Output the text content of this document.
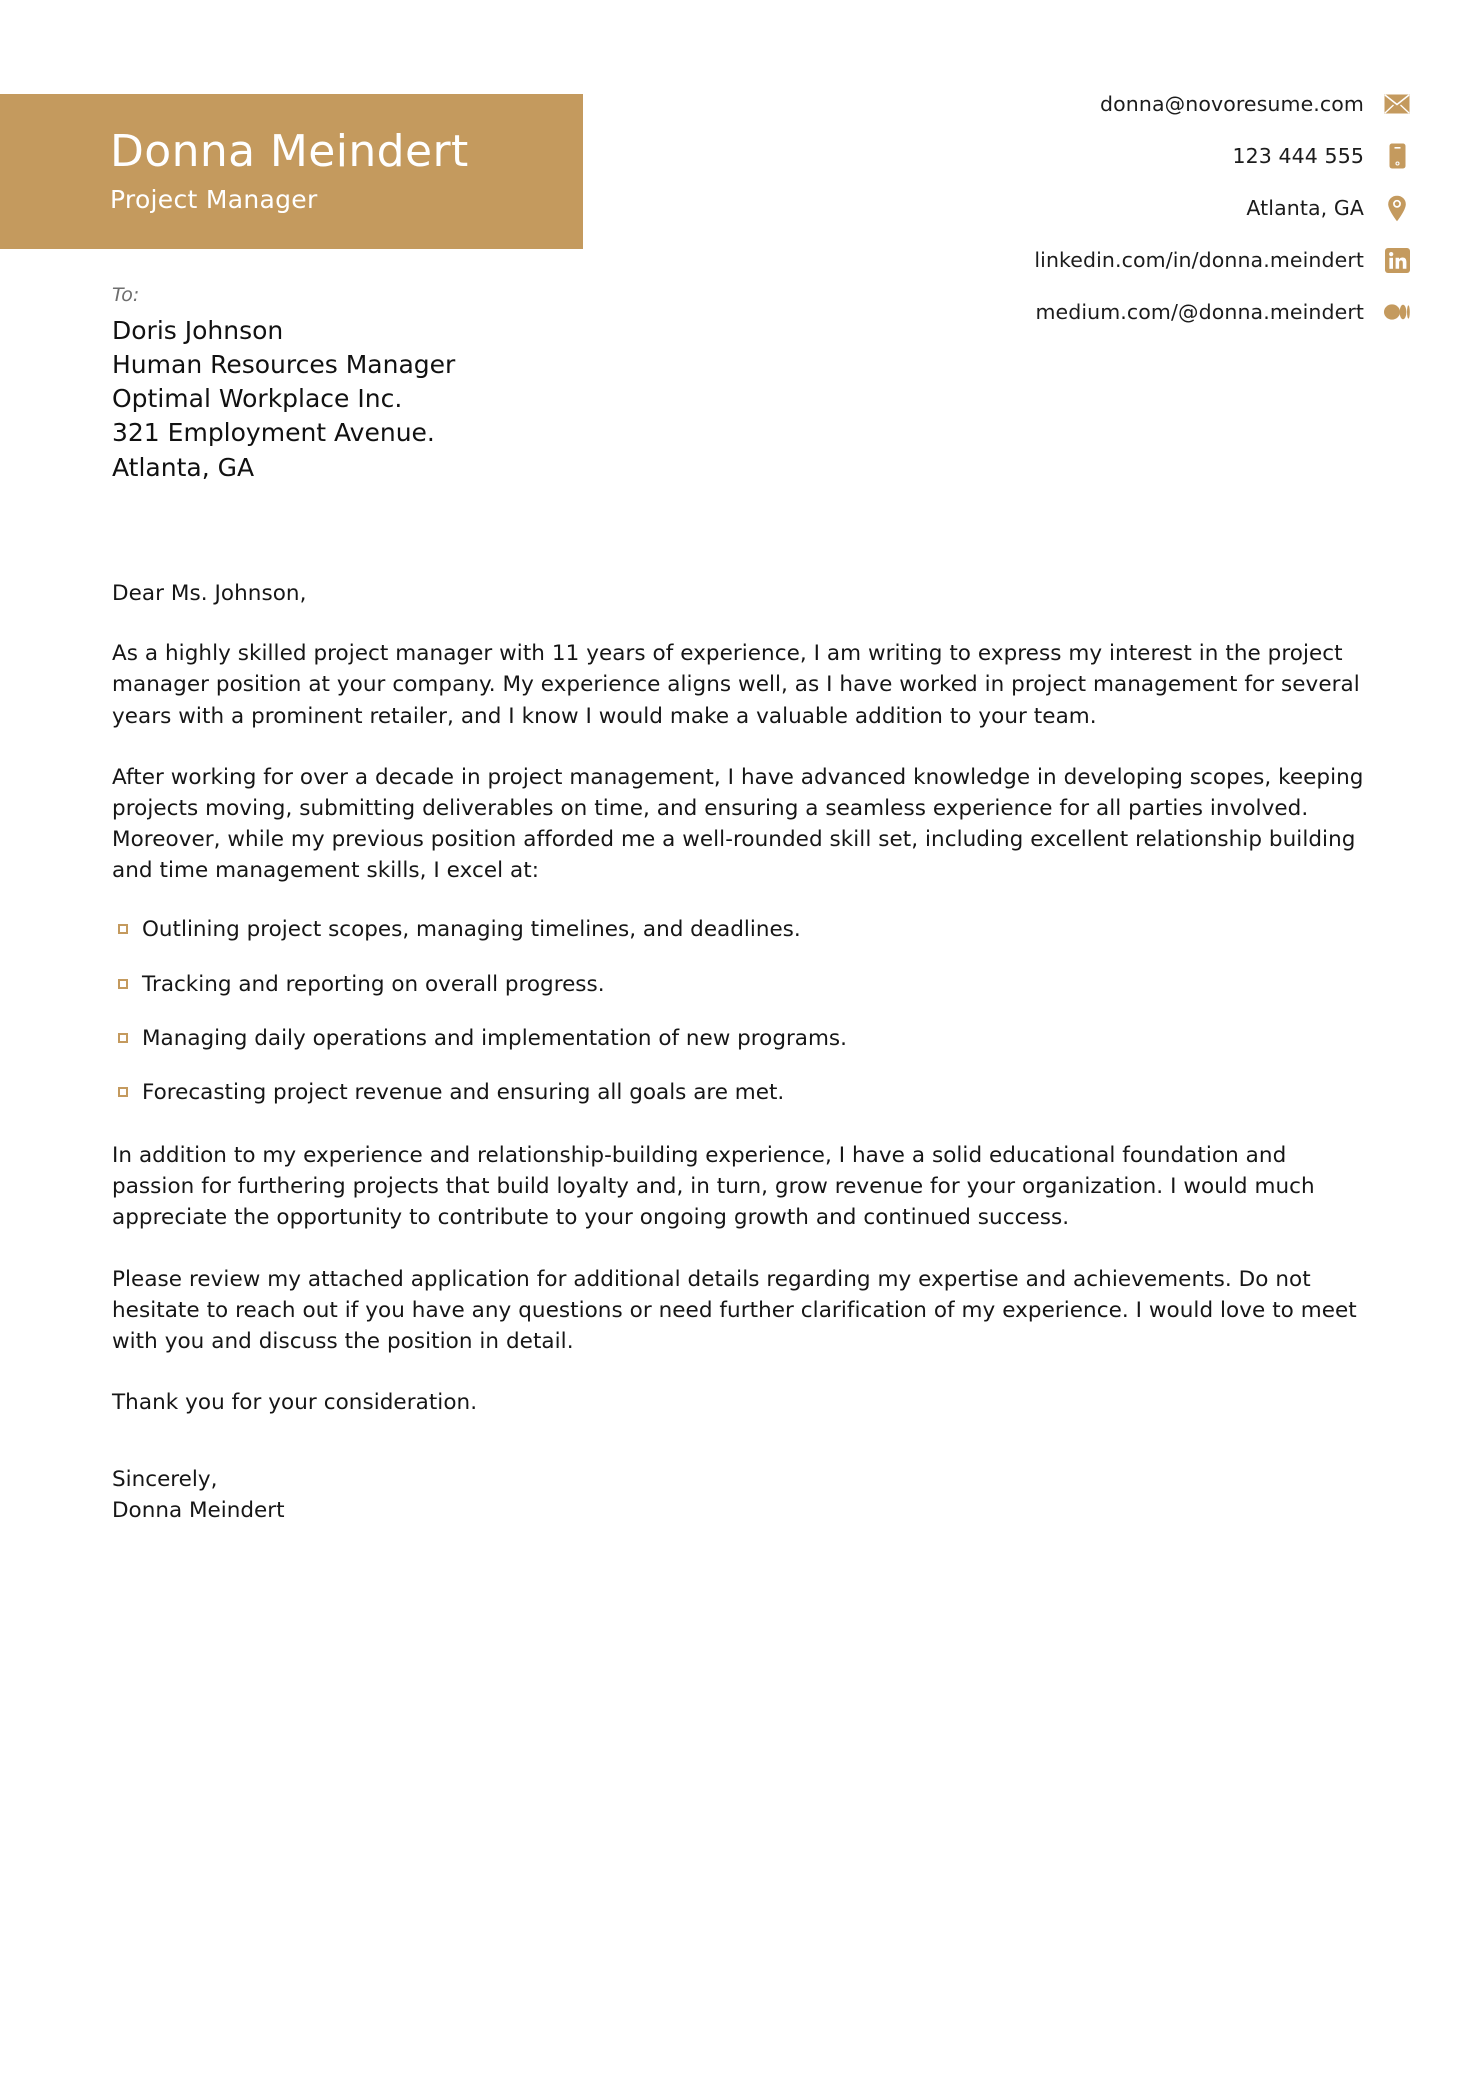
Donna Meindert
Project Manager
donna@novoresume.com
123 444 555
Atlanta, GA
linkedin.com/in/donna.meindert
medium.com/@donna.meindert
To:
Doris Johnson
Human Resources Manager
Optimal Workplace Inc.
321 Employment Avenue.
Atlanta, GA

Dear Ms. Johnson,

As a highly skilled project manager with 11 years of experience, I am writing to express my interest in the project manager position at your company. My experience aligns well, as I have worked in project management for several years with a prominent retailer, and I know I would make a valuable addition to your team.

After working for over a decade in project management, I have advanced knowledge in developing scopes, keeping projects moving, submitting deliverables on time, and ensuring a seamless experience for all parties involved. Moreover, while my previous position afforded me a well-rounded skill set, including excellent relationship building and time management skills, I excel at:

Outlining project scopes, managing timelines, and deadlines.
Tracking and reporting on overall progress.
Managing daily operations and implementation of new programs.
Forecasting project revenue and ensuring all goals are met.

In addition to my experience and relationship-building experience, I have a solid educational foundation and passion for furthering projects that build loyalty and, in turn, grow revenue for your organization. I would much appreciate the opportunity to contribute to your ongoing growth and continued success.

Please review my attached application for additional details regarding my expertise and achievements. Do not hesitate to reach out if you have any questions or need further clarification of my experience. I would love to meet with you and discuss the position in detail.

Thank you for your consideration.

Sincerely,
Donna Meindert
